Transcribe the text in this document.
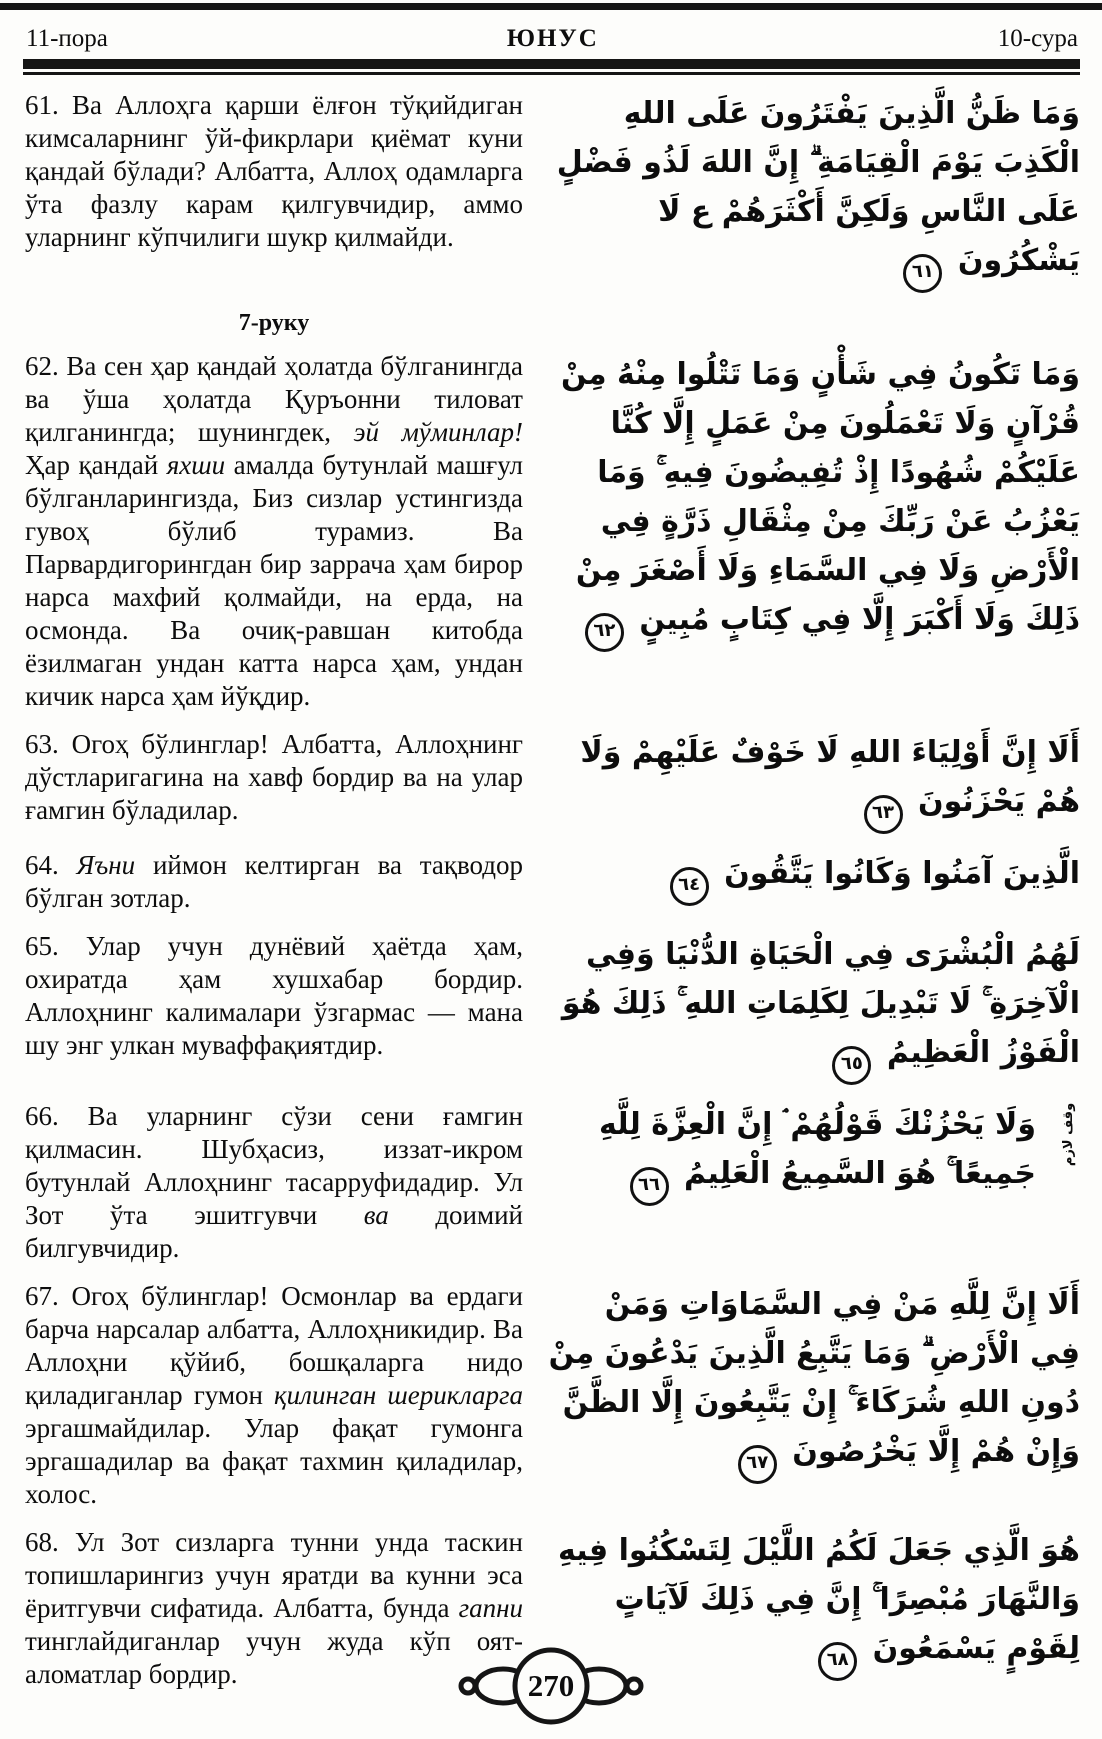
11-пора	ЮНУС	10-сура
61. Ва Аллоҳга қарши ёлғон тўқийдиган кимсаларнинг ўй-фикрлари қиёмат куни қандай бўлади? Албатта, Аллоҳ одамларга ўта фазлу карам қилгувчидир, аммо уларнинг кўпчилиги шукр қилмайди.
وَمَا ظَنُّ الَّذِينَ يَفْتَرُونَ عَلَى اللهِ الْكَذِبَ يَوْمَ الْقِيَامَةِ ۗ إِنَّ اللهَ لَذُو فَضْلٍ عَلَى النَّاسِ وَلَكِنَّ أَكْثَرَهُمْ ع لَا يَشْكُرُونَ ٦١
7-руку
62. Ва сен ҳар қандай ҳолатда бўлганингда ва ўша ҳолатда Қуръонни тиловат қилганингда; шунингдек, эй мўминлар! Ҳар қандай яхши амалда бутунлай машғул бўлганларингизда, Биз сизлар устингизда гувоҳ бўлиб турамиз. Ва Парвардигорингдан бир заррача ҳам бирор нарса махфий қолмайди, на ерда, на осмонда. Ва очиқ-равшан китобда ёзилмаган ундан катта нарса ҳам, ундан кичик нарса ҳам йўқдир.
وَمَا تَكُونُ فِي شَأْنٍ وَمَا تَتْلُوا مِنْهُ مِنْ قُرْآنٍ وَلَا تَعْمَلُونَ مِنْ عَمَلٍ إِلَّا كُنَّا عَلَيْكُمْ شُهُودًا إِذْ تُفِيضُونَ فِيهِ ۚ وَمَا يَعْزُبُ عَنْ رَبِّكَ مِنْ مِثْقَالِ ذَرَّةٍ فِي الْأَرْضِ وَلَا فِي السَّمَاءِ وَلَا أَصْغَرَ مِنْ ذَلِكَ وَلَا أَكْبَرَ إِلَّا فِي كِتَابٍ مُبِينٍ ٦٢
63. Огоҳ бўлинглар! Албатта, Аллоҳнинг дўстларигагина на хавф бордир ва на улар ғамгин бўладилар.
أَلَا إِنَّ أَوْلِيَاءَ اللهِ لَا خَوْفٌ عَلَيْهِمْ وَلَا هُمْ يَحْزَنُونَ ٦٣
64. Яъни иймон келтирган ва тақводор бўлган зотлар.
الَّذِينَ آمَنُوا وَكَانُوا يَتَّقُونَ ٦٤
65. Улар учун дунёвий ҳаётда ҳам, охиратда ҳам хушхабар бордир. Аллоҳнинг калималари ўзгармас — мана шу энг улкан муваффақиятдир.
لَهُمُ الْبُشْرَى فِي الْحَيَاةِ الدُّنْيَا وَفِي الْآخِرَةِ ۚ لَا تَبْدِيلَ لِكَلِمَاتِ اللهِ ۚ ذَلِكَ هُوَ الْفَوْزُ الْعَظِيمُ ٦٥
66. Ва уларнинг сўзи сени ғамгин қилмасин. Шубҳасиз, иззат-икром бутунлай Аллоҳнинг тасарруфидадир. Ул Зот ўта эшитгувчи ва доимий билгувчидир.
وقف لازم
وَلَا يَحْزُنْكَ قَوْلُهُمْ ۘ إِنَّ الْعِزَّةَ لِلَّهِ جَمِيعًا ۚ هُوَ السَّمِيعُ الْعَلِيمُ ٦٦
67. Огоҳ бўлинглар! Осмонлар ва ердаги барча нарсалар албатта, Аллоҳникидир. Ва Аллоҳни қўйиб, бошқаларга нидо қиладиганлар гумон қилинган шерикларга эргашмайдилар. Улар фақат гумонга эргашадилар ва фақат тахмин қиладилар, холос.
أَلَا إِنَّ لِلَّهِ مَنْ فِي السَّمَاوَاتِ وَمَنْ فِي الْأَرْضِ ۗ وَمَا يَتَّبِعُ الَّذِينَ يَدْعُونَ مِنْ دُونِ اللهِ شُرَكَاءَ ۚ إِنْ يَتَّبِعُونَ إِلَّا الظَّنَّ وَإِنْ هُمْ إِلَّا يَخْرُصُونَ ٦٧
68. Ул Зот сизларга тунни унда таскин топишларингиз учун яратди ва кунни эса ёритгувчи сифатида. Албатта, бунда гапни тинглайдиганлар учун жуда кўп оят-аломатлар бордир.
هُوَ الَّذِي جَعَلَ لَكُمُ اللَّيْلَ لِتَسْكُنُوا فِيهِ وَالنَّهَارَ مُبْصِرًا ۚ إِنَّ فِي ذَلِكَ لَآيَاتٍ لِقَوْمٍ يَسْمَعُونَ ٦٨
270
